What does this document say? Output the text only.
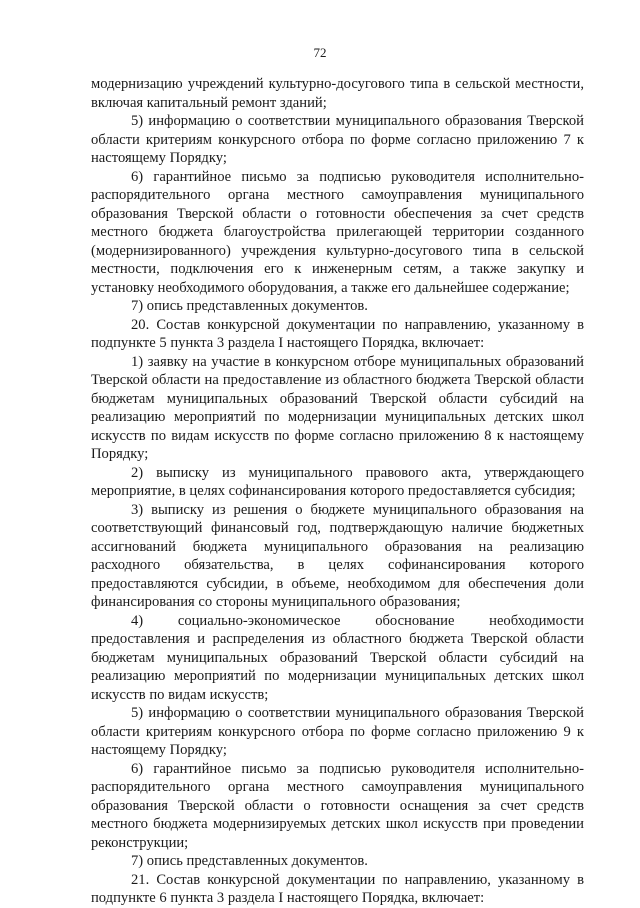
72

модернизацию учреждений культурно-досугового типа в сельской местности, включая капитальный ремонт зданий;

5) информацию о соответствии муниципального образования Тверской области критериям конкурсного отбора по форме согласно приложению 7 к настоящему Порядку;

6) гарантийное письмо за подписью руководителя исполнительно-распорядительного органа местного самоуправления муниципального образования Тверской области о готовности обеспечения за счет средств местного бюджета благоустройства прилегающей территории созданного (модернизированного) учреждения культурно-досугового типа в сельской местности, подключения его к инженерным сетям, а также закупку и установку необходимого оборудования, а также его дальнейшее содержание;

7) опись представленных документов.

20. Состав конкурсной документации по направлению, указанному в подпункте 5 пункта 3 раздела I настоящего Порядка, включает:

1) заявку на участие в конкурсном отборе муниципальных образований Тверской области на предоставление из областного бюджета Тверской области бюджетам муниципальных образований Тверской области субсидий на реализацию мероприятий по модернизации муниципальных детских школ искусств по видам искусств по форме согласно приложению 8 к настоящему Порядку;

2) выписку из муниципального правового акта, утверждающего мероприятие, в целях софинансирования которого предоставляется субсидия;

3) выписку из решения о бюджете муниципального образования на соответствующий финансовый год, подтверждающую наличие бюджетных ассигнований бюджета муниципального образования на реализацию расходного обязательства, в целях софинансирования которого предоставляются субсидии, в объеме, необходимом для обеспечения доли финансирования со стороны муниципального образования;

4) социально-экономическое обоснование необходимости предоставления и распределения из областного бюджета Тверской области бюджетам муниципальных образований Тверской области субсидий на реализацию мероприятий по модернизации муниципальных детских школ искусств по видам искусств;

5) информацию о соответствии муниципального образования Тверской области критериям конкурсного отбора по форме согласно приложению 9 к настоящему Порядку;

6) гарантийное письмо за подписью руководителя исполнительно-распорядительного органа местного самоуправления муниципального образования Тверской области о готовности оснащения за счет средств местного бюджета модернизируемых детских школ искусств при проведении реконструкции;

7) опись представленных документов.

21. Состав конкурсной документации по направлению, указанному в подпункте 6 пункта 3 раздела I настоящего Порядка, включает:
